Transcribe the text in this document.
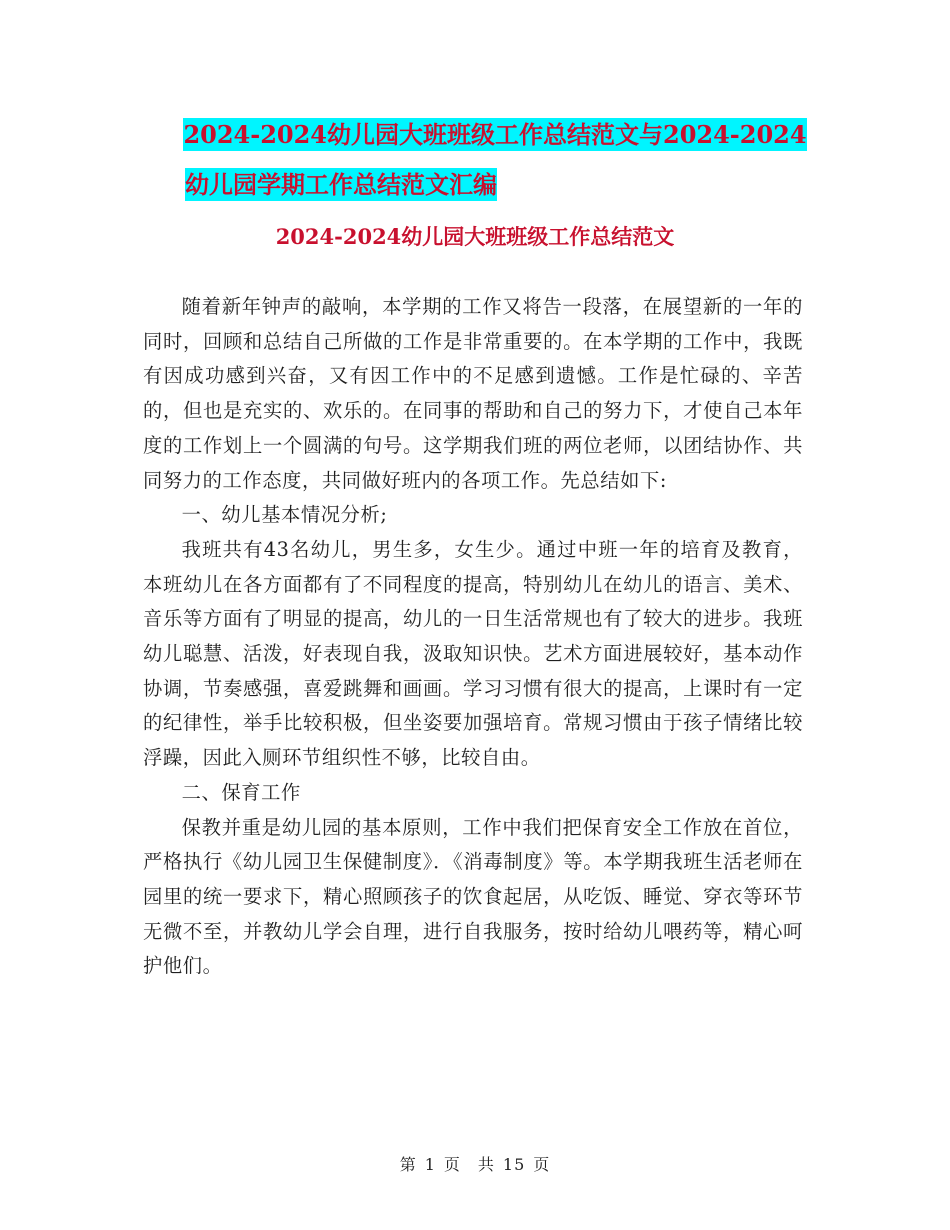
2024-2024幼儿园大班班级工作总结范文与2024-2024
幼儿园学期工作总结范文汇编
2024-2024幼儿园大班班级工作总结范文

随着新年钟声的敲响，本学期的工作又将告一段落，在展望新的一年的同时，回顾和总结自己所做的工作是非常重要的。在本学期的工作中，我既有因成功感到兴奋，又有因工作中的不足感到遗憾。工作是忙碌的、辛苦的，但也是充实的、欢乐的。在同事的帮助和自己的努力下，才使自己本年度的工作划上一个圆满的句号。这学期我们班的两位老师，以团结协作、共同努力的工作态度，共同做好班内的各项工作。先总结如下:

一、幼儿基本情况分析;

我班共有43名幼儿，男生多，女生少。通过中班一年的培育及教育，本班幼儿在各方面都有了不同程度的提高，特别幼儿在幼儿的语言、美术、音乐等方面有了明显的提高，幼儿的一日生活常规也有了较大的进步。我班幼儿聪慧、活泼，好表现自我，汲取知识快。艺术方面进展较好，基本动作协调，节奏感强，喜爱跳舞和画画。学习习惯有很大的提高，上课时有一定的纪律性，举手比较积极，但坐姿要加强培育。常规习惯由于孩子情绪比较浮躁，因此入厕环节组织性不够，比较自由。

二、保育工作

保教并重是幼儿园的基本原则，工作中我们把保育安全工作放在首位，严格执行《幼儿园卫生保健制度》．《消毒制度》等。本学期我班生活老师在园里的统一要求下，精心照顾孩子的饮食起居，从吃饭、睡觉、穿衣等环节无微不至，并教幼儿学会自理，进行自我服务，按时给幼儿喂药等，精心呵护他们。

第 1 页　共 15 页
